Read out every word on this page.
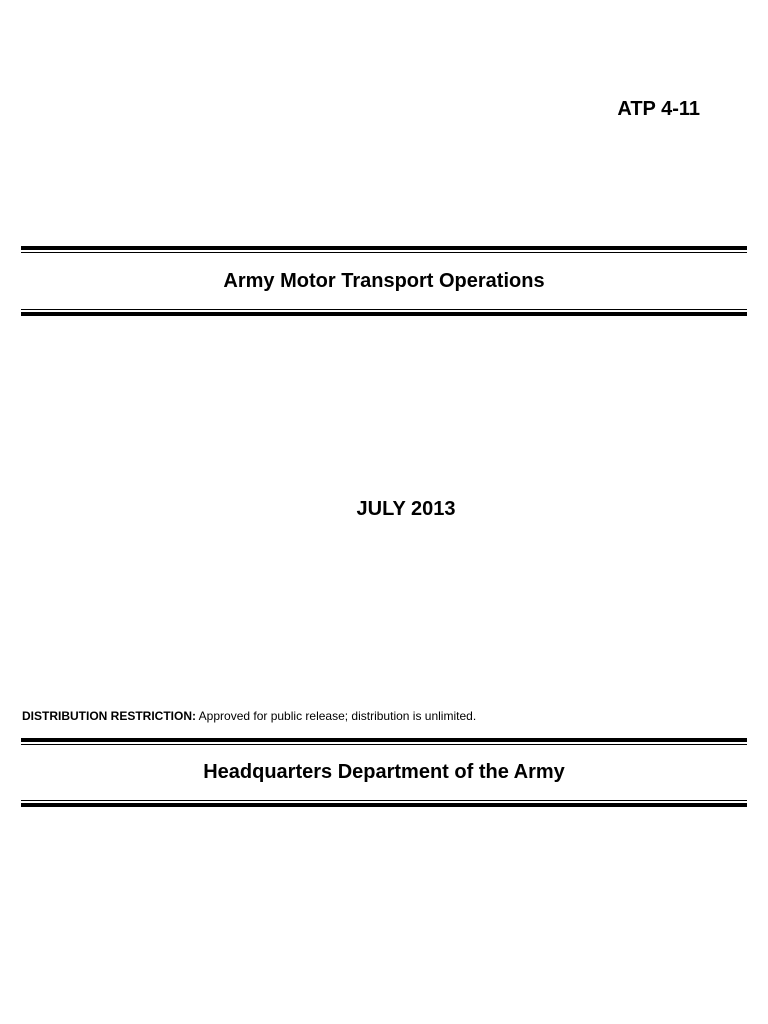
ATP 4-11
Army Motor Transport Operations
JULY 2013
DISTRIBUTION RESTRICTION: Approved for public release; distribution is unlimited.
Headquarters Department of the Army
